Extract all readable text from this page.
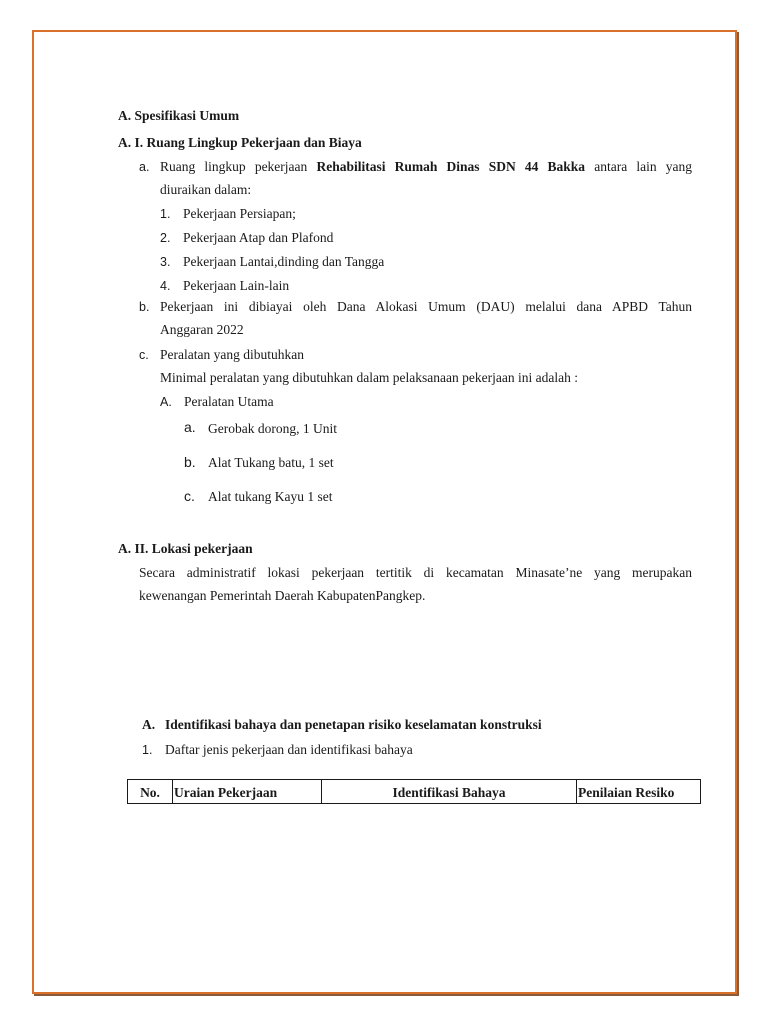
A. Spesifikasi Umum
A. I. Ruang Lingkup Pekerjaan dan Biaya
a. Ruang lingkup pekerjaan Rehabilitasi Rumah Dinas SDN 44 Bakka antara lain yang
diuraikan dalam:
1. Pekerjaan Persiapan;
2. Pekerjaan Atap dan Plafond
3. Pekerjaan Lantai,dinding dan Tangga
4. Pekerjaan Lain-lain
b. Pekerjaan ini dibiayai oleh Dana Alokasi Umum (DAU) melalui dana APBD Tahun
Anggaran 2022
c. Peralatan yang dibutuhkan
Minimal peralatan yang dibutuhkan dalam pelaksanaan pekerjaan ini adalah :
A. Peralatan Utama
a. Gerobak dorong, 1 Unit
b. Alat Tukang batu, 1 set
c. Alat tukang Kayu 1 set
A. II. Lokasi pekerjaan
Secara administratif lokasi pekerjaan tertitik di kecamatan Minasate’ne yang merupakan
kewenangan Pemerintah Daerah KabupatenPangkep.
A. Identifikasi bahaya dan penetapan risiko keselamatan konstruksi
1. Daftar jenis pekerjaan dan identifikasi bahaya
No.	Uraian Pekerjaan	Identifikasi Bahaya	Penilaian Resiko
